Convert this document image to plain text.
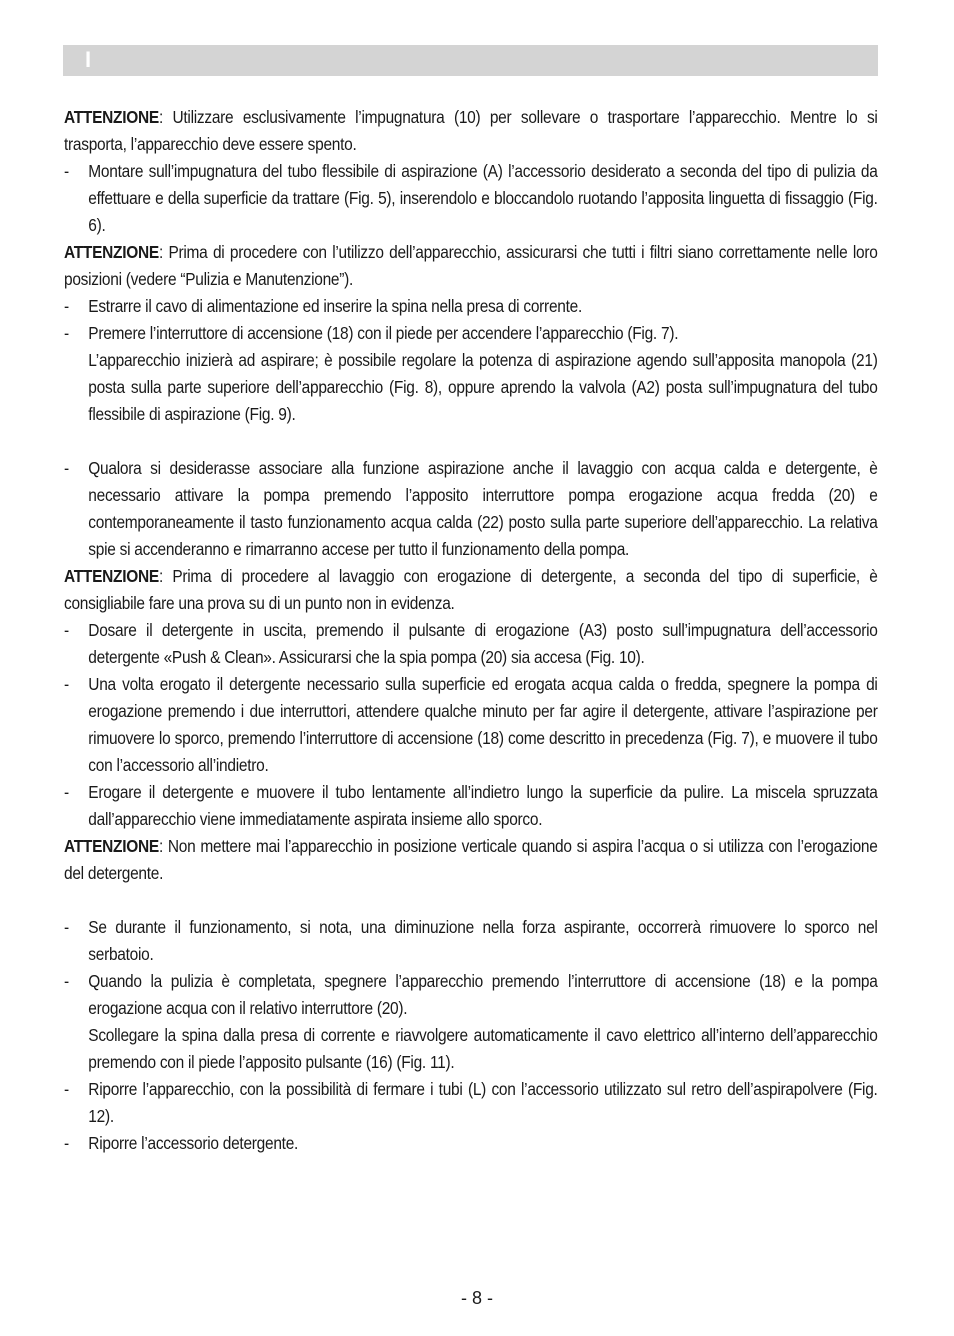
I

ATTENZIONE: Utilizzare esclusivamente l’impugnatura (10) per sollevare o trasportare l’apparecchio. Mentre lo si trasporta, l’apparecchio deve essere spento.

- Montare sull’impugnatura del tubo flessibile di aspirazione (A) l’accessorio desiderato a seconda del tipo di pulizia da effettuare e della superficie da trattare (Fig. 5), inserendolo e bloccandolo ruotando l’apposita linguetta di fissaggio (Fig. 6).

ATTENZIONE: Prima di procedere con l’utilizzo dell’apparecchio, assicurarsi che tutti i filtri siano correttamente nelle loro posizioni (vedere “Pulizia e Manutenzione”).

- Estrarre il cavo di alimentazione ed inserire la spina nella presa di corrente.

- Premere l’interruttore di accensione (18) con il piede per accendere l’apparecchio (Fig. 7).

L’apparecchio inizierà ad aspirare; è possibile regolare la potenza di aspirazione agendo sull’apposita manopola (21) posta sulla parte superiore dell’apparecchio (Fig. 8), oppure aprendo la valvola (A2) posta sull’impugnatura del tubo flessibile di aspirazione (Fig. 9).

- Qualora si desiderasse associare alla funzione aspirazione anche il lavaggio con acqua calda e detergente, è necessario attivare la pompa premendo l’apposito interruttore pompa erogazione acqua fredda (20) e contemporaneamente il tasto funzionamento acqua calda (22) posto sulla parte superiore dell’apparecchio. La relativa spie si accenderanno e rimarranno accese per tutto il funzionamento della pompa.

ATTENZIONE: Prima di procedere al lavaggio con erogazione di detergente, a seconda del tipo di superficie, è consigliabile fare una prova su di un punto non in evidenza.

- Dosare il detergente in uscita, premendo il pulsante di erogazione (A3) posto sull’impugnatura dell’accessorio detergente «Push & Clean». Assicurarsi che la spia pompa (20) sia accesa (Fig. 10).

- Una volta erogato il detergente necessario sulla superficie ed erogata acqua calda o fredda, spegnere la pompa di erogazione premendo i due interruttori, attendere qualche minuto per far agire il detergente, attivare l’aspirazione per rimuovere lo sporco, premendo l’interruttore di accensione (18) come descritto in precedenza (Fig. 7), e muovere il tubo con l’accessorio all’indietro.

- Erogare il detergente e muovere il tubo lentamente all’indietro lungo la superficie da pulire. La miscela spruzzata dall’apparecchio viene immediatamente aspirata insieme allo sporco.

ATTENZIONE: Non mettere mai l’apparecchio in posizione verticale quando si aspira l’acqua o si utilizza con l’erogazione del detergente.

- Se durante il funzionamento, si nota, una diminuzione nella forza aspirante, occorrerà rimuovere lo sporco nel serbatoio.

- Quando la pulizia è completata, spegnere l’apparecchio premendo l’interruttore di accensione (18) e la pompa erogazione acqua con il relativo interruttore (20).

Scollegare la spina dalla presa di corrente e riavvolgere automaticamente il cavo elettrico all’interno dell’apparecchio premendo con il piede l’apposito pulsante (16) (Fig. 11).

- Riporre l’apparecchio, con la possibilità di fermare i tubi (L) con l’accessorio utilizzato sul retro dell’aspirapolvere (Fig. 12).

- Riporre l’accessorio detergente.

- 8 -
